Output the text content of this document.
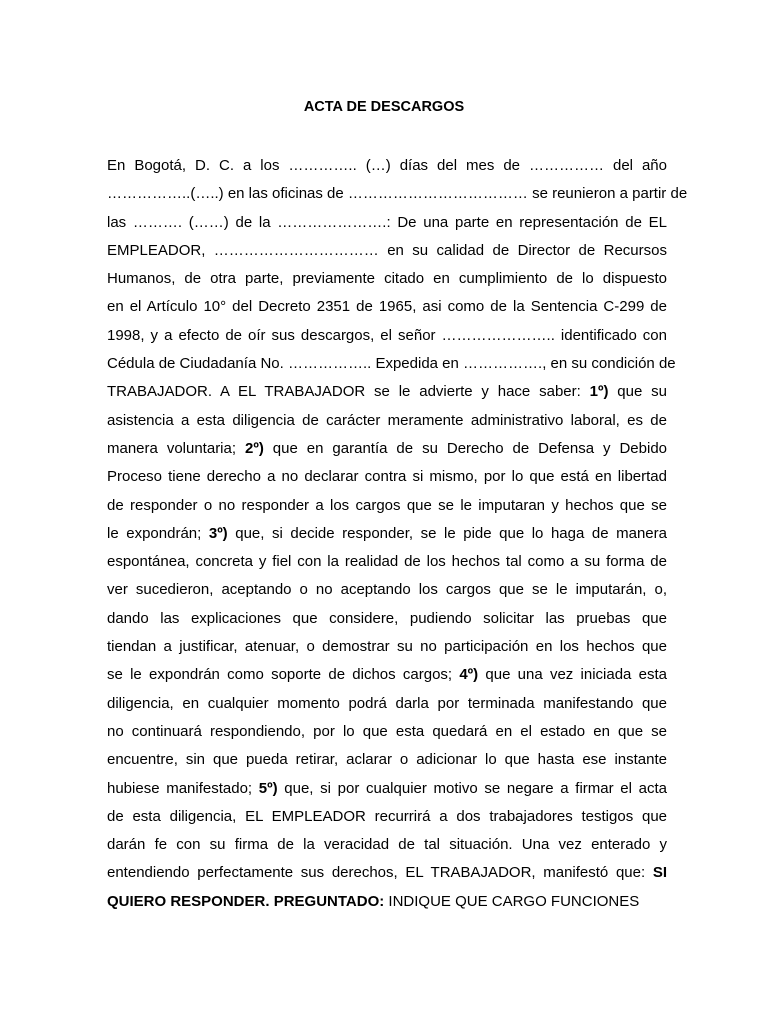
ACTA DE DESCARGOS
En Bogotá, D. C. a los ………….. (…) días del mes de …………… del año
……………..(…..) en las oficinas de ……………………………… se reunieron a partir de
las ………. (……) de la ………………….: De una parte en representación de EL
EMPLEADOR, …………………………… en su calidad de Director de Recursos
Humanos, de otra parte, previamente citado en cumplimiento de lo dispuesto
en el Artículo 10° del Decreto 2351 de 1965, asi como de la Sentencia C-299 de
1998, y a efecto de oír sus descargos, el señor ………………….. identificado con
Cédula de Ciudadanía No. …………….. Expedida en ……………., en su condición de
TRABAJADOR. A EL TRABAJADOR se le advierte y hace saber: 1º) que su
asistencia a esta diligencia de carácter meramente administrativo laboral, es de
manera voluntaria; 2º) que en garantía de su Derecho de Defensa y Debido
Proceso tiene derecho a no declarar contra si mismo, por lo que está en libertad
de responder o no responder a los cargos que se le imputaran y hechos que se
le expondrán; 3º) que, si decide responder, se le pide que lo haga de manera
espontánea, concreta y fiel con la realidad de los hechos tal como a su forma de
ver sucedieron, aceptando o no aceptando los cargos que se le imputarán, o,
dando las explicaciones que considere, pudiendo solicitar las pruebas que
tiendan a justificar, atenuar, o demostrar su no participación en los hechos que
se le expondrán como soporte de dichos cargos; 4º) que una vez iniciada esta
diligencia, en cualquier momento podrá darla por terminada manifestando que
no continuará respondiendo, por lo que esta quedará en el estado en que se
encuentre, sin que pueda retirar, aclarar o adicionar lo que hasta ese instante
hubiese manifestado; 5º) que, si por cualquier motivo se negare a firmar el acta
de esta diligencia, EL EMPLEADOR recurrirá a dos trabajadores testigos que
darán fe con su firma de la veracidad de tal situación. Una vez enterado y
entendiendo perfectamente sus derechos, EL TRABAJADOR, manifestó que: SI
QUIERO RESPONDER. PREGUNTADO: INDIQUE QUE CARGO FUNCIONES
